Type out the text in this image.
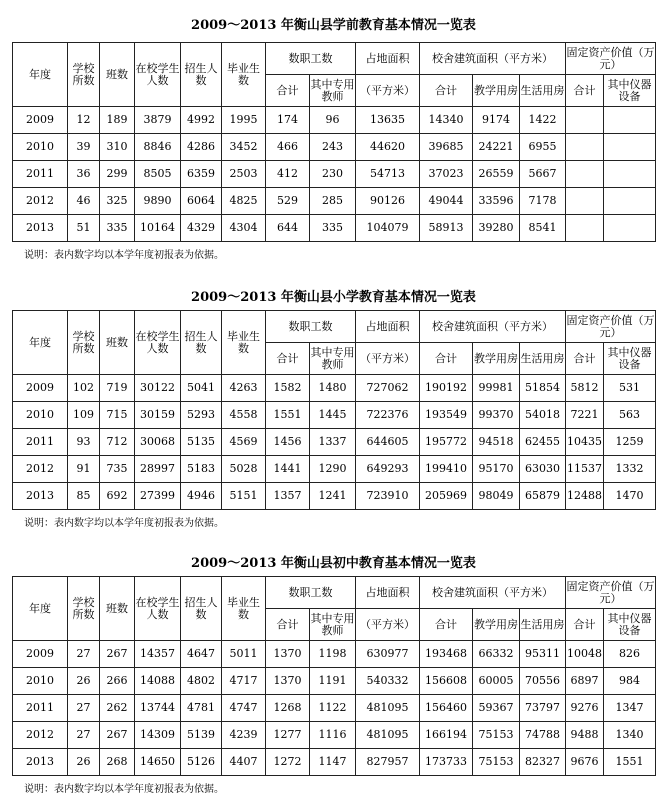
2009～2013 年衡山县学前教育基本情况一览表
年度	学校所数	班数	在校学生人数	招生人数	毕业生数	数职工数		占地面积	校舍建筑面积（平方米）			固定资产价值（万元）	
						合计	其中专用教师	（平方米）	合计	教学用房	生活用房	合计	其中仪器设备
2009	12	189	3879	4992	1995	174	96	13635	14340	9174	1422		
2010	39	310	8846	4286	3452	466	243	44620	39685	24221	6955		
2011	36	299	8505	6359	2503	412	230	54713	37023	26559	5667		
2012	46	325	9890	6064	4825	529	285	90126	49044	33596	7178		
2013	51	335	10164	4329	4304	644	335	104079	58913	39280	8541		
说明：表内数字均以本学年度初报表为依据。
2009～2013 年衡山县小学教育基本情况一览表
年度	学校所数	班数	在校学生人数	招生人数	毕业生数	数职工数		占地面积	校舍建筑面积（平方米）			固定资产价值（万元）	
						合计	其中专用教师	（平方米）	合计	教学用房	生活用房	合计	其中仪器设备
2009	102	719	30122	5041	4263	1582	1480	727062	190192	99981	51854	5812	531
2010	109	715	30159	5293	4558	1551	1445	722376	193549	99370	54018	7221	563
2011	93	712	30068	5135	4569	1456	1337	644605	195772	94518	62455	10435	1259
2012	91	735	28997	5183	5028	1441	1290	649293	199410	95170	63030	11537	1332
2013	85	692	27399	4946	5151	1357	1241	723910	205969	98049	65879	12488	1470
说明：表内数字均以本学年度初报表为依据。
2009～2013 年衡山县初中教育基本情况一览表
年度	学校所数	班数	在校学生人数	招生人数	毕业生数	数职工数		占地面积	校舍建筑面积（平方米）			固定资产价值（万元）	
						合计	其中专用教师	（平方米）	合计	教学用房	生活用房	合计	其中仪器设备
2009	27	267	14357	4647	5011	1370	1198	630977	193468	66332	95311	10048	826
2010	26	266	14088	4802	4717	1370	1191	540332	156608	60005	70556	6897	984
2011	27	262	13744	4781	4747	1268	1122	481095	156460	59367	73797	9276	1347
2012	27	267	14309	5139	4239	1277	1116	481095	166194	75153	74788	9488	1340
2013	26	268	14650	5126	4407	1272	1147	827957	173733	75153	82327	9676	1551
说明：表内数字均以本学年度初报表为依据。
